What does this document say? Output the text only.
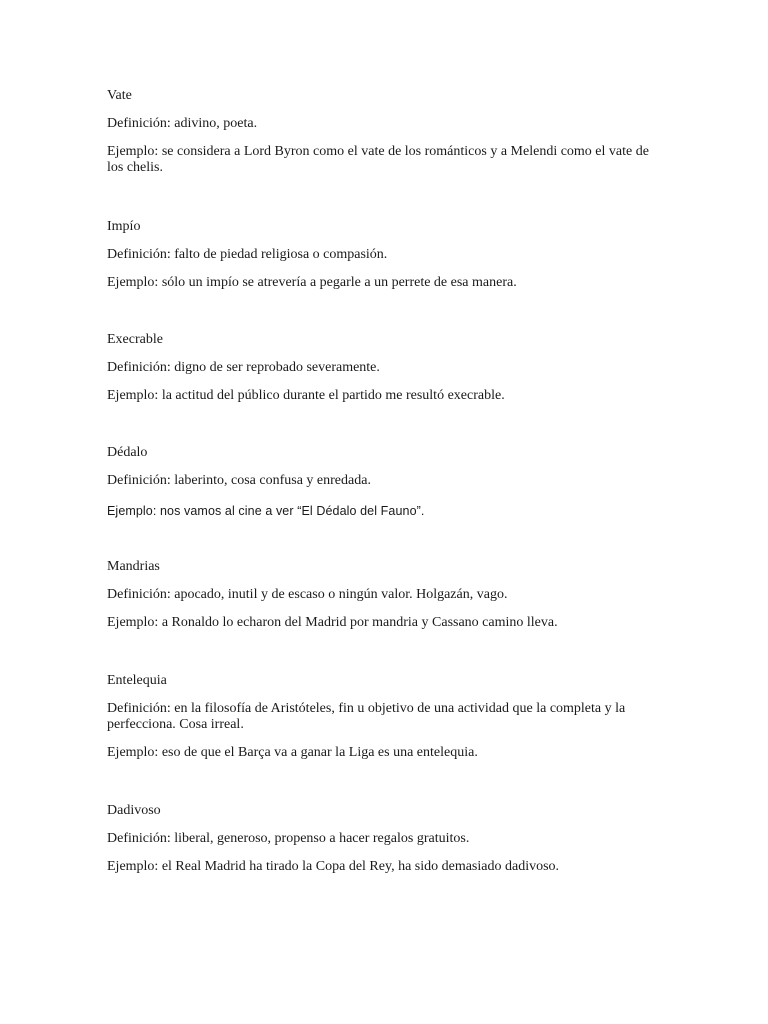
Vate

Definición: adivino, poeta.

Ejemplo: se considera a Lord Byron como el vate de los románticos y a Melendi como el vate de los chelis.

Impío

Definición: falto de piedad religiosa o compasión.

Ejemplo: sólo un impío se atrevería a pegarle a un perrete de esa manera.

Execrable

Definición: digno de ser reprobado severamente.

Ejemplo: la actitud del público durante el partido me resultó execrable.

Dédalo

Definición: laberinto, cosa confusa y enredada.

Ejemplo: nos vamos al cine a ver “El Dédalo del Fauno”.

Mandrias

Definición: apocado, inutil y de escaso o ningún valor. Holgazán, vago.

Ejemplo: a Ronaldo lo echaron del Madrid por mandria y Cassano camino lleva.

Entelequia

Definición: en la filosofía de Aristóteles, fin u objetivo de una actividad que la completa y la perfecciona. Cosa irreal.

Ejemplo: eso de que el Barça va a ganar la Liga es una entelequia.

Dadivoso

Definición: liberal, generoso, propenso a hacer regalos gratuitos.

Ejemplo: el Real Madrid ha tirado la Copa del Rey, ha sido demasiado dadivoso.
